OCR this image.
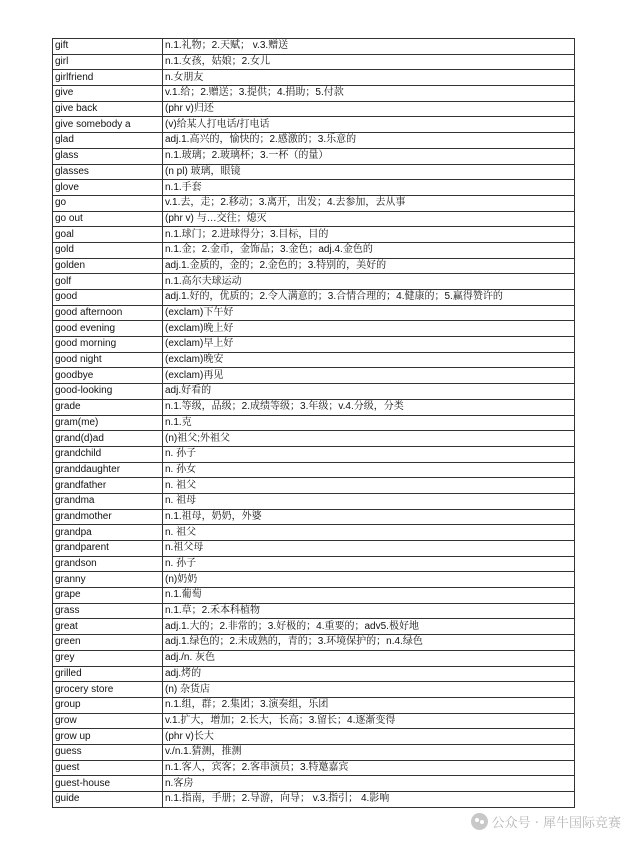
gift	n.1.礼物；2.天赋； v.3.赠送
girl	n.1.女孩，姑娘；2.女儿
girlfriend	n.女朋友
give	v.1.给；2.赠送；3.提供；4.捐助；5.付款
give back	(phr v)归还
give somebody a	(v)给某人打电话/打电话
glad	adj.1.高兴的，愉快的；2.感激的；3.乐意的
glass	n.1.玻璃；2.玻璃杯；3.一杯（的量）
glasses	(n pl) 玻璃，眼镜
glove	n.1.手套
go	v.1.去，走；2.移动；3.离开，出发；4.去参加，去从事
go out	(phr v) 与…交往；熄灭
goal	n.1.球门；2.进球得分；3.目标，目的
gold	n.1.金；2.金币，金饰品；3.金色；adj.4.金色的
golden	adj.1.金质的，金的；2.金色的；3.特别的，美好的
golf	n.1.高尔夫球运动
good	adj.1.好的，优质的；2.令人满意的；3.合情合理的；4.健康的；5.赢得赞许的
good afternoon	(exclam)下午好
good evening	(exclam)晚上好
good morning	(exclam)早上好
good night	(exclam)晚安
goodbye	(exclam)再见
good-looking	adj.好看的
grade	n.1.等级，品级；2.成绩等级；3.年级；v.4.分级，分类
gram(me)	n.1.克
grand(d)ad	(n)祖父;外祖父
grandchild	n. 孙子
granddaughter	n. 孙女
grandfather	n. 祖父
grandma	n. 祖母
grandmother	n.1.祖母，奶奶，外婆
grandpa	n. 祖父
grandparent	n.祖父母
grandson	n. 孙子
granny	(n)奶奶
grape	n.1.葡萄
grass	n.1.草；2.禾本科植物
great	adj.1.大的；2.非常的；3.好极的；4.重要的；adv5.极好地
green	adj.1.绿色的；2.未成熟的，青的；3.环境保护的；n.4.绿色
grey	adj./n. 灰色
grilled	adj.烤的
grocery store	(n) 杂货店
group	n.1.组，群；2.集团；3.演奏组，乐团
grow	v.1.扩大，增加；2.长大，长高；3.留长；4.逐渐变得
grow up	(phr v)长大
guess	v./n.1.猜测，推测
guest	n.1.客人，宾客；2.客串演员；3.特邀嘉宾
guest-house	n.客房
guide	n.1.指南，手册；2.导游，向导； v.3.指引； 4.影响
公众号 · 犀牛国际竞赛
